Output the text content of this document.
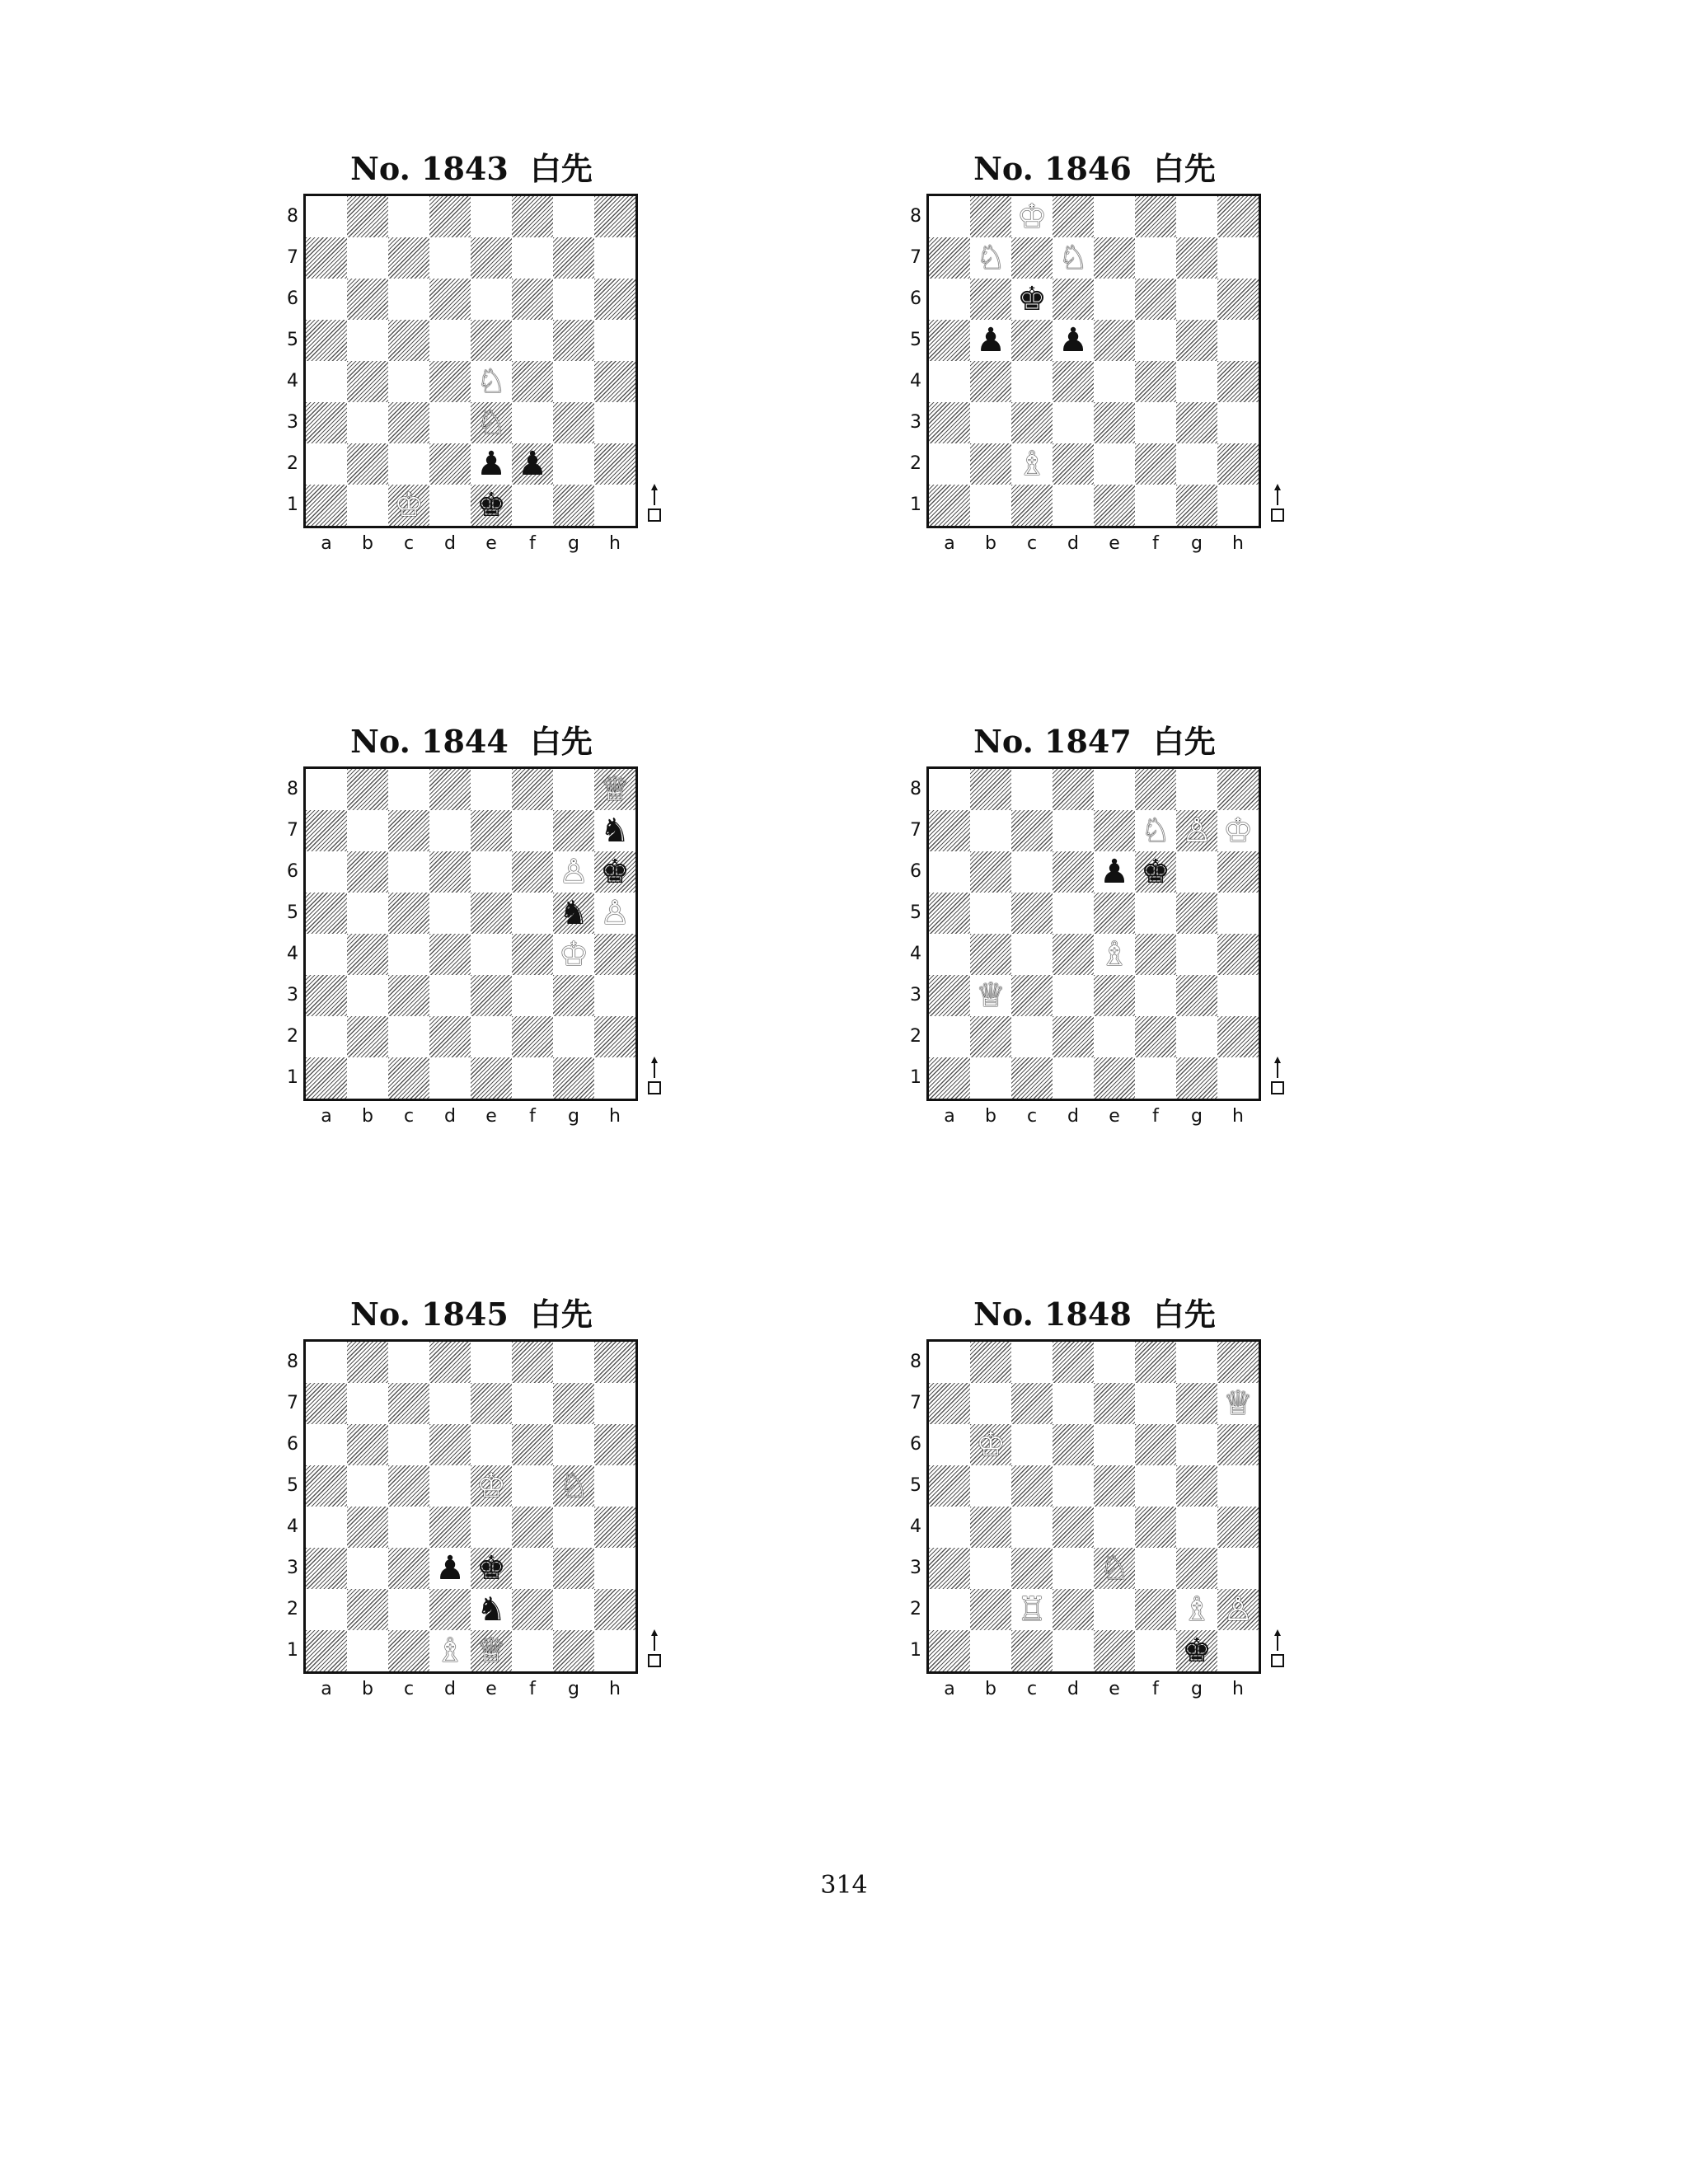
No. 1843 白先
♘
♘
♟ ♟
♔ ♚
8
7
6
5
4
3
2
1
a	b	c	d	e	f	g	h
No. 1846 白先
♔
♘ ♘
♚
♟ ♟
♗
8
7
6
5
4
3
2
1
a	b	c	d	e	f	g	h
No. 1844 白先
♕
♞
♙ ♚
♞ ♙
♔
8
7
6
5
4
3
2
1
a	b	c	d	e	f	g	h
No. 1847 白先
♘ ♙ ♔
♟ ♚
♗
♕
8
7
6
5
4
3
2
1
a	b	c	d	e	f	g	h
No. 1845 白先
♔ ♘
♟ ♚
♞
♗ ♕
8
7
6
5
4
3
2
1
a	b	c	d	e	f	g	h
No. 1848 白先
♕
♔
♘
♖	♗ ♙
♚
8
7
6
5
4
3
2
1
a	b	c	d	e	f	g	h
314
